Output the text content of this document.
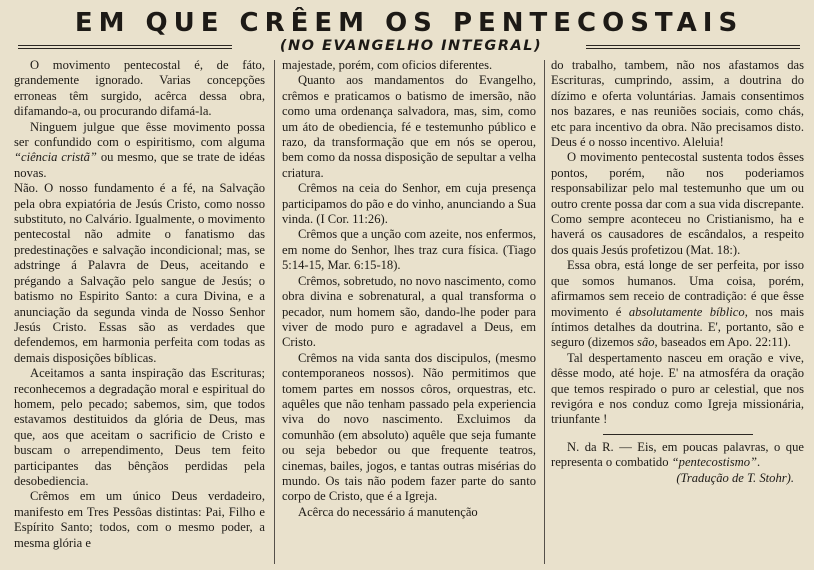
EM QUE CRÊEM OS PENTECOSTAIS
(NO EVANGELHO INTEGRAL)

O movimento pentecostal é, de fáto, grandemente ignorado. Varias concepções erroneas têm surgido, acêrca dessa obra, difamando-a, ou procurando difamá-la.

Ninguem julgue que êsse movimento possa ser confundido com o espiritismo, com alguma “ciência cristã” ou mesmo, que se trate de idéas novas.

Não. O nosso fundamento é a fé, na Salvação pela obra expiatória de Jesús Cristo, como nosso substituto, no Calvário. Igualmente, o movimento pentecostal não admite o fanatismo das predestinações e salvação incondicional; mas, se adstringe á Palavra de Deus, aceitando e prégando a Salvação pelo sangue de Jesús; o batismo no Espirito Santo: a cura Divina, e a anunciação da segunda vinda de Nosso Senhor Jesús Cristo. Essas são as verdades que defendemos, em harmonia perfeita com todas as demais disposições bíblicas.

Aceitamos a santa inspiração das Escrituras; reconhecemos a degradação moral e espiritual do homem, pelo pecado; sabemos, sim, que todos estavamos destituidos da glória de Deus, mas que, aos que aceitam o sacrificio de Cristo e buscam o arrependimento, Deus tem feito participantes das bênçãos perdidas pela desobediencia.

Crêmos em um único Deus verdadeiro, manifesto em Tres Pessôas distintas: Pai, Filho e Espírito Santo; todos, com o mesmo poder, a mesma glória e

majestade, porém, com oficios diferentes.

Quanto aos mandamentos do Evangelho, crêmos e praticamos o batismo de imersão, não como uma ordenança salvadora, mas, sim, como um áto de obediencia, fé e testemunho público e razo, da transformação que em nós se operou, bem como da nossa disposição de sepultar a velha criatura.

Crêmos na ceia do Senhor, em cuja presença participamos do pão e do vinho, anunciando a Sua vinda. (I Cor. 11:26).

Crêmos que a unção com azeite, nos enfermos, em nome do Senhor, lhes traz cura física. (Tiago 5:14-15, Mar. 6:15-18).

Crêmos, sobretudo, no novo nascimento, como obra divina e sobrenatural, a qual transforma o pecador, num homem são, dando-lhe poder para viver de modo puro e agradavel a Deus, em Cristo.

Crêmos na vida santa dos discipulos, (mesmo contemporaneos nossos). Não permitimos que tomem partes em nossos côros, orquestras, etc. aquêles que não tenham passado pela experiencia viva do novo nascimento. Excluimos da comunhão (em absoluto) aquêle que seja fumante ou seja bebedor ou que frequente teatros, cinemas, bailes, jogos, e tantas outras misérias do mundo. Os tais não podem fazer parte do santo corpo de Cristo, que é a Igreja.

Acêrca do necessário á manutenção

do trabalho, tambem, não nos afastamos das Escrituras, cumprindo, assim, a doutrina do dízimo e oferta voluntárias. Jamais consentimos nos bazares, e nas reuniões sociais, como chás, etc para incentivo da obra. Não precisamos disto. Deus é o nosso incentivo. Aleluia!

O movimento pentecostal sustenta todos êsses pontos, porém, não nos poderiamos responsabilizar pelo mal testemunho que um ou outro crente possa dar com a sua vida discrepante. Como sempre aconteceu no Cristianismo, ha e haverá os causadores de escândalos, a respeito dos quais Jesús profetizou (Mat. 18:).

Essa obra, está longe de ser perfeita, por isso que somos humanos. Uma coisa, porém, afirmamos sem receio de contradição: é que êsse movimento é absolutamente bíblico, nos mais íntimos detalhes da doutrina. E', portanto, são e seguro (dizemos são, baseados em Apo. 22:11).

Tal despertamento nasceu em oração e vive, dêsse modo, até hoje. E' na atmosféra da oração que temos respirado o puro ar celestial, que nos revigóra e nos conduz como Igreja missionária, triunfante !

N. da R. — Eis, em poucas palavras, o que representa o combatido “pentecostismo”.

(Tradução de T. Stohr).
